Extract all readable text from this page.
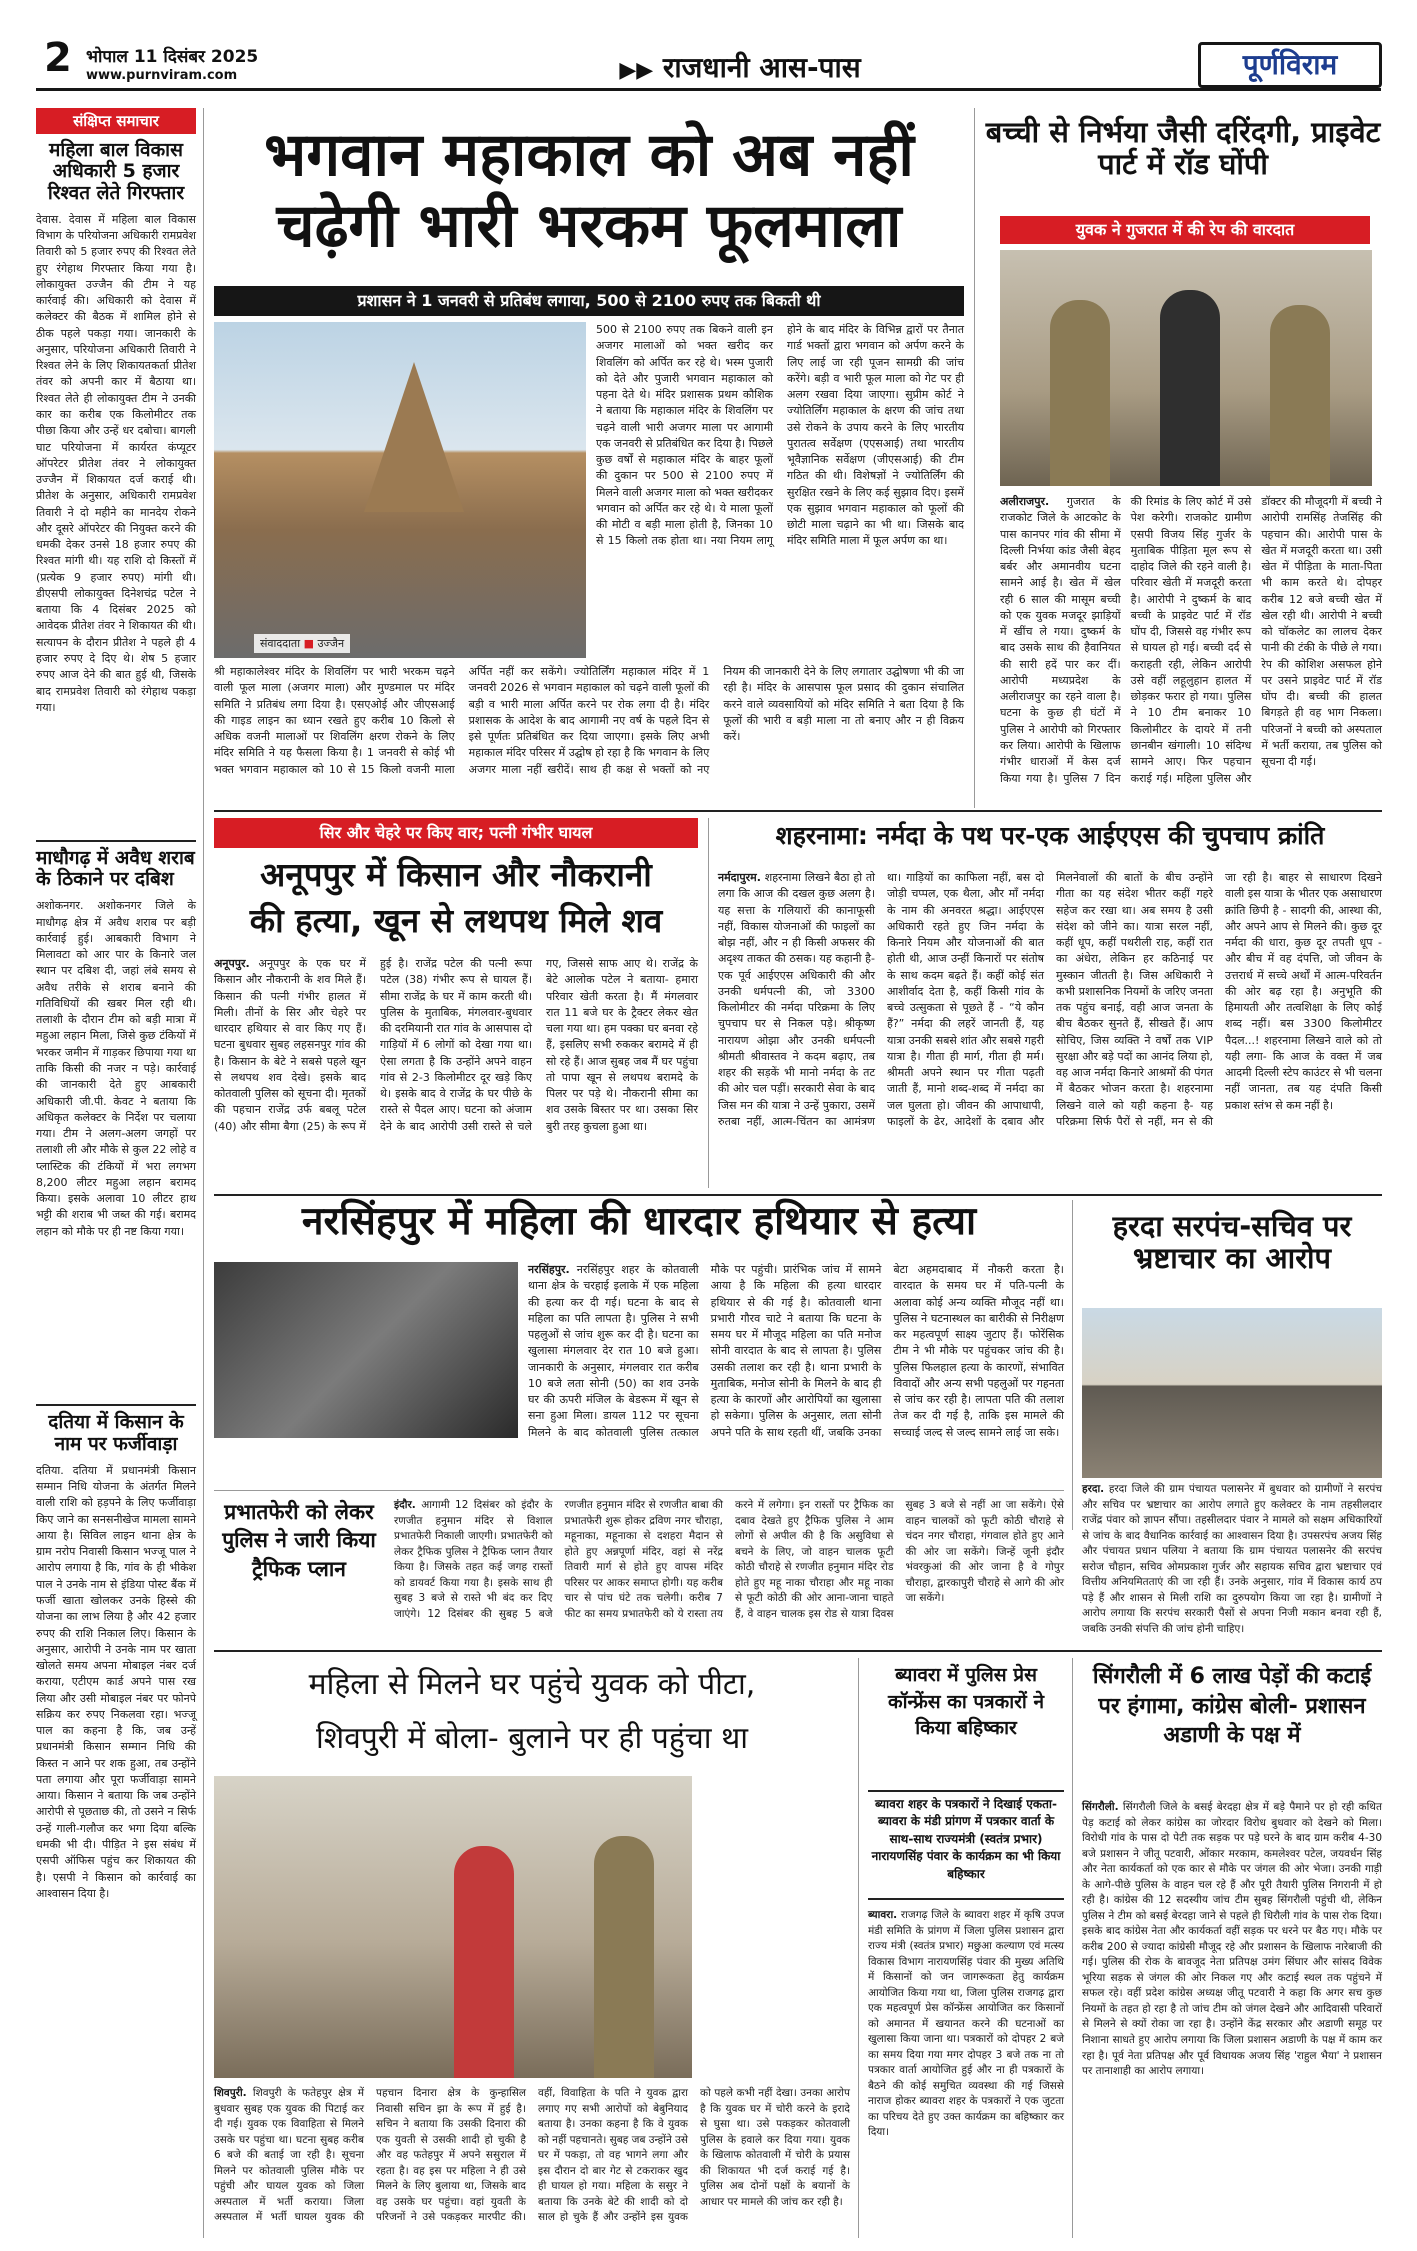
2 भोपाल 11 दिसंबर 2025
www.purnviram.com	▶▶ राजधानी आस-पास	पूर्णविराम
संक्षिप्त समाचार
महिला बाल विकास अधिकारी 5 हजार रिश्वत लेते गिरफ्तार
देवास. देवास में महिला बाल विकास विभाग के परियोजना अधिकारी रामप्रवेश तिवारी को 5 हजार रुपए की रिश्वत लेते हुए रंगेहाथ गिरफ्तार किया गया है। लोकायुक्त उज्जैन की टीम ने यह कार्रवाई की। अधिकारी को देवास में कलेक्टर की बैठक में शामिल होने से ठीक पहले पकड़ा गया। जानकारी के अनुसार, परियोजना अधिकारी तिवारी ने रिश्वत लेने के लिए शिकायतकर्ता प्रीतेश तंवर को अपनी कार में बैठाया था। रिश्वत लेते ही लोकायुक्त टीम ने उनकी कार का करीब एक किलोमीटर तक पीछा किया और उन्हें धर दबोचा। बागली घाट परियोजना में कार्यरत कंप्यूटर ऑपरेटर प्रीतेश तंवर ने लोकायुक्त उज्जैन में शिकायत दर्ज कराई थी। प्रीतेश के अनुसार, अधिकारी रामप्रवेश तिवारी ने दो महीने का मानदेय रोकने और दूसरे ऑपरेटर की नियुक्त करने की धमकी देकर उनसे 18 हजार रुपए की रिश्वत मांगी थी। यह राशि दो किस्तों में (प्रत्येक 9 हजार रुपए) मांगी थी। डीएसपी लोकायुक्त दिनेशचंद्र पटेल ने बताया कि 4 दिसंबर 2025 को आवेदक प्रीतेश तंवर ने शिकायत की थी। सत्यापन के दौरान प्रीतेश ने पहले ही 4 हजार रुपए दे दिए थे। शेष 5 हजार रुपए आज देने की बात हुई थी, जिसके बाद रामप्रवेश तिवारी को रंगेहाथ पकड़ा गया।
माधौगढ़ में अवैध शराब के ठिकाने पर दबिश
अशोकनगर. अशोकनगर जिले के माधौगढ़ क्षेत्र में अवैध शराब पर बड़ी कार्रवाई हुई। आबकारी विभाग ने मिलावटा को आर पार के किनारे जल स्थान पर दबिश दी, जहां लंबे समय से अवैध तरीके से शराब बनाने की गतिविधियों की खबर मिल रही थी। तलाशी के दौरान टीम को बड़ी मात्रा में महुआ लहान मिला, जिसे कुछ टंकियों में भरकर जमीन में गाड़कर छिपाया गया था ताकि किसी की नजर न पड़े। कार्रवाई की जानकारी देते हुए आबकारी अधिकारी जी.पी. केवट ने बताया कि अधिकृत कलेक्टर के निर्देश पर चलाया गया। टीम ने अलग-अलग जगहों पर तलाशी ली और मौके से कुल 22 लोहे व प्लास्टिक की टंकियों में भरा लगभग 8,200 लीटर महुआ लहान बरामद किया। इसके अलावा 10 लीटर हाथ भट्टी की शराब भी जब्त की गई। बरामद लहान को मौके पर ही नष्ट किया गया।
दतिया में किसान के नाम पर फर्जीवाड़ा
दतिया. दतिया में प्रधानमंत्री किसान सम्मान निधि योजना के अंतर्गत मिलने वाली राशि को हड़पने के लिए फर्जीवाड़ा किए जाने का सनसनीखेज मामला सामने आया है। सिविल लाइन थाना क्षेत्र के ग्राम नरोप निवासी किसान भज्जू पाल ने आरोप लगाया है कि, गांव के ही भीकेश पाल ने उनके नाम से इंडिया पोस्ट बैंक में फर्जी खाता खोलकर उनके हिस्से की योजना का लाभ लिया है और 42 हजार रुपए की राशि निकाल लिए। किसान के अनुसार, आरोपी ने उनके नाम पर खाता खोलते समय अपना मोबाइल नंबर दर्ज कराया, एटीएम कार्ड अपने पास रख लिया और उसी मोबाइल नंबर पर फोनपे सक्रिय कर रुपए निकलवा रहा। भज्जू पाल का कहना है कि, जब उन्हें प्रधानमंत्री किसान सम्मान निधि की किस्त न आने पर शक हुआ, तब उन्होंने पता लगाया और पूरा फर्जीवाड़ा सामने आया। किसान ने बताया कि जब उन्होंने आरोपी से पूछताछ की, तो उसने न सिर्फ उन्हें गाली-गलौज कर भगा दिया बल्कि धमकी भी दी। पीड़ित ने इस संबंध में एसपी ऑफिस पहुंच कर शिकायत की है। एसपी ने किसान को कार्रवाई का आश्वासन दिया है।
भगवान महाकाल को अब नहीं
चढ़ेगी भारी भरकम फूलमाला
प्रशासन ने 1 जनवरी से प्रतिबंध लगाया, 500 से 2100 रुपए तक बिकती थी
संवाददाता ■ उज्जैन
500 से 2100 रुपए तक बिकने वाली इन अजगर मालाओं को भक्त खरीद कर शिवलिंग को अर्पित कर रहे थे। भस्म पुजारी को देते और पुजारी भगवान महाकाल को पहना देते थे। मंदिर प्रशासक प्रथम कौशिक ने बताया कि महाकाल मंदिर के शिवलिंग पर चढ़ने वाली भारी अजगर माला पर आगामी एक जनवरी से प्रतिबंधित कर दिया है। पिछले कुछ वर्षों से महाकाल मंदिर के बाहर फूलों की दुकान पर 500 से 2100 रुपए में मिलने वाली अजगर माला को भक्त खरीदकर भगवान को अर्पित कर रहे थे। ये माला फूलों की मोटी व बड़ी माला होती है, जिनका 10 से 15 किलो तक होता था। नया नियम लागू होने के बाद मंदिर के विभिन्न द्वारों पर तैनात गार्ड भक्तों द्वारा भगवान को अर्पण करने के लिए लाई जा रही पूजन सामग्री की जांच करेंगे। बड़ी व भारी फूल माला को गेट पर ही अलग रखवा दिया जाएगा। सुप्रीम कोर्ट ने ज्योतिर्लिंग महाकाल के क्षरण की जांच तथा उसे रोकने के उपाय करने के लिए भारतीय पुरातत्व सर्वेक्षण (एएसआई) तथा भारतीय भूवैज्ञानिक सर्वेक्षण (जीएसआई) की टीम गठित की थी। विशेषज्ञों ने ज्योतिर्लिंग की सुरक्षित रखने के लिए कई सुझाव दिए। इसमें एक सुझाव भगवान महाकाल को फूलों की छोटी माला चढ़ाने का भी था। जिसके बाद मंदिर समिति माला में फूल अर्पण का था।
श्री महाकालेश्वर मंदिर के शिवलिंग पर भारी भरकम चढ़ने वाली फूल माला (अजगर माला) और मुण्डमाल पर मंदिर समिति ने प्रतिबंध लगा दिया है। एसएओई और जीएसआई की गाइड लाइन का ध्यान रखते हुए करीब 10 किलो से अधिक वजनी मालाओं पर शिवलिंग क्षरण रोकने के लिए मंदिर समिति ने यह फैसला किया है। 1 जनवरी से कोई भी भक्त भगवान महाकाल को 10 से 15 किलो वजनी माला अर्पित नहीं कर सकेंगे। ज्योतिर्लिंग महाकाल मंदिर में 1 जनवरी 2026 से भगवान महाकाल को चढ़ने वाली फूलों की बड़ी व भारी माला अर्पित करने पर रोक लगा दी है। मंदिर प्रशासक के आदेश के बाद आगामी नए वर्ष के पहले दिन से इसे पूर्णतः प्रतिबंधित कर दिया जाएगा। इसके लिए अभी महाकाल मंदिर परिसर में उद्घोष हो रहा है कि भगवान के लिए अजगर माला नहीं खरीदें। साथ ही कक्ष से भक्तों को नए नियम की जानकारी देने के लिए लगातार उद्घोषणा भी की जा रही है। मंदिर के आसपास फूल प्रसाद की दुकान संचालित करने वाले व्यवसायियों को मंदिर समिति ने बता दिया है कि फूलों की भारी व बड़ी माला ना तो बनाए और न ही विक्रय करें।
बच्ची से निर्भया जैसी दरिंदगी, प्राइवेट पार्ट में रॉड घोंपी
युवक ने गुजरात में की रेप की वारदात
अलीराजपुर. गुजरात के राजकोट जिले के आटकोट के पास कानपर गांव की सीमा में दिल्ली निर्भया कांड जैसी बेहद बर्बर और अमानवीय घटना सामने आई है। खेत में खेल रही 6 साल की मासूम बच्ची को एक युवक मजदूर झाड़ियों में खींच ले गया। दुष्कर्म के बाद उसके साथ की हैवानियत की सारी हदें पार कर दीं। आरोपी मध्यप्रदेश के अलीराजपुर का रहने वाला है। घटना के कुछ ही घंटों में पुलिस ने आरोपी को गिरफ्तार कर लिया। आरोपी के खिलाफ गंभीर धाराओं में केस दर्ज किया गया है। पुलिस 7 दिन की रिमांड के लिए कोर्ट में उसे पेश करेगी। राजकोट ग्रामीण एसपी विजय सिंह गुर्जर के मुताबिक पीड़िता मूल रूप से दाहोद जिले की रहने वाली है। परिवार खेती में मजदूरी करता है। आरोपी ने दुष्कर्म के बाद बच्ची के प्राइवेट पार्ट में रॉड घोंप दी, जिससे वह गंभीर रूप से घायल हो गई। बच्ची दर्द से कराहती रही, लेकिन आरोपी उसे वहीं लहूलुहान हालत में छोड़कर फरार हो गया। पुलिस ने 10 टीम बनाकर 10 किलोमीटर के दायरे में तनी छानबीन खंगाली। 10 संदिग्ध सामने आए। फिर पहचान कराई गई। महिला पुलिस और डॉक्टर की मौजूदगी में बच्ची ने आरोपी रामसिंह तेजसिंह की पहचान की। आरोपी पास के खेत में मजदूरी करता था। उसी खेत में पीड़िता के माता-पिता भी काम करते थे। दोपहर करीब 12 बजे बच्ची खेत में खेल रही थी। आरोपी ने बच्ची को चॉकलेट का लालच देकर पानी की टंकी के पीछे ले गया। रेप की कोशिश असफल होने पर उसने प्राइवेट पार्ट में रॉड घोंप दी। बच्ची की हालत बिगड़ते ही वह भाग निकला। परिजनों ने बच्ची को अस्पताल में भर्ती कराया, तब पुलिस को सूचना दी गई।
सिर और चेहरे पर किए वार; पत्नी गंभीर घायल
अनूपपुर में किसान और नौकरानी
की हत्या, खून से लथपथ मिले शव
अनूपपुर. अनूपपुर के एक घर में किसान और नौकरानी के शव मिले हैं। किसान की पत्नी गंभीर हालत में मिली। तीनों के सिर और चेहरे पर धारदार हथियार से वार किए गए हैं। घटना बुधवार सुबह लहसनपुर गांव की है। किसान के बेटे ने सबसे पहले खून से लथपथ शव देखे। इसके बाद कोतवाली पुलिस को सूचना दी। मृतकों की पहचान राजेंद्र उर्फ बबलू पटेल (40) और सीमा बैगा (25) के रूप में हुई है। राजेंद्र पटेल की पत्नी रूपा पटेल (38) गंभीर रूप से घायल हैं। सीमा राजेंद्र के घर में काम करती थी। पुलिस के मुताबिक, मंगलवार-बुधवार की दरमियानी रात गांव के आसपास दो गाड़ियों में 6 लोगों को देखा गया था। ऐसा लगता है कि उन्होंने अपने वाहन गांव से 2-3 किलोमीटर दूर खड़े किए थे। इसके बाद वे राजेंद्र के घर पीछे के रास्ते से पैदल आए। घटना को अंजाम देने के बाद आरोपी उसी रास्ते से चले गए, जिससे साफ आए थे। राजेंद्र के बेटे आलोक पटेल ने बताया- हमारा परिवार खेती करता है। मैं मंगलवार रात 11 बजे घर के ट्रैक्टर लेकर खेत चला गया था। हम पक्का घर बनवा रहे हैं, इसलिए सभी रुककर बरामदे में ही सो रहे हैं। आज सुबह जब मैं घर पहुंचा तो पापा खून से लथपथ बरामदे के पिलर पर पड़े थे। नौकरानी सीमा का शव उसके बिस्तर पर था। उसका सिर बुरी तरह कुचला हुआ था।
शहरनामा: नर्मदा के पथ पर-एक आईएएस की चुपचाप क्रांति
नर्मदापुरम. शहरनामा लिखने बैठा हो तो लगा कि आज की दखल कुछ अलग है। यह सत्ता के गलियारों की कानाफूसी नहीं, विकास योजनाओं की फाइलों का बोझ नहीं, और न ही किसी अफसर की अदृश्य ताकत की ठसक। यह कहानी है-एक पूर्व आईएएस अधिकारी की और उनकी धर्मपत्नी की, जो 3300 किलोमीटर की नर्मदा परिक्रमा के लिए चुपचाप घर से निकल पड़े। श्रीकृष्ण नारायण ओझा और उनकी धर्मपत्नी श्रीमती श्रीवास्तव ने कदम बढ़ाए, तब शहर की सड़कें भी मानो नर्मदा के तट की ओर चल पड़ीं। सरकारी सेवा के बाद जिस मन की यात्रा ने उन्हें पुकारा, उसमें रुतबा नहीं, आत्म-चिंतन का आमंत्रण था। गाड़ियों का काफिला नहीं, बस दो जोड़ी चप्पल, एक थैला, और माँ नर्मदा के नाम की अनवरत श्रद्धा। आईएएस अधिकारी रहते हुए जिन नर्मदा के किनारे नियम और योजनाओं की बात होती थी, आज उन्हीं किनारों पर संतोष के साथ कदम बढ़ते हैं। कहीं कोई संत आशीर्वाद देता है, कहीं किसी गांव के बच्चे उत्सुकता से पूछते हैं - “ये कौन हैं?” नर्मदा की लहरें जानती हैं, यह यात्रा उनकी सबसे शांत और सबसे गहरी यात्रा है। गीता ही मार्ग, गीता ही मर्म। श्रीमती अपने स्थान पर गीता पढ़ती जाती हैं, मानो शब्द-शब्द में नर्मदा का जल घुलता हो। जीवन की आपाधापी, फाइलों के ढेर, आदेशों के दबाव और मिलनेवालों की बातों के बीच उन्होंने गीता का यह संदेश भीतर कहीं गहरे सहेज कर रखा था। अब समय है उसी संदेश को जीने का। यात्रा सरल नहीं, कहीं धूप, कहीं पथरीली राह, कहीं रात का अंधेरा, लेकिन हर कठिनाई पर मुस्कान जीतती है। जिस अधिकारी ने कभी प्रशासनिक नियमों के जरिए जनता तक पहुंच बनाई, वही आज जनता के बीच बैठकर सुनते हैं, सीखते हैं। आप सोचिए, जिस व्यक्ति ने वर्षों तक VIP सुरक्षा और बड़े पदों का आनंद लिया हो, वह आज नर्मदा किनारे आश्रमों की पंगत में बैठकर भोजन करता है। शहरनामा लिखने वाले को यही कहना है- यह परिक्रमा सिर्फ पैरों से नहीं, मन से की जा रही है। बाहर से साधारण दिखने वाली इस यात्रा के भीतर एक असाधारण क्रांति छिपी है - सादगी की, आस्था की, और अपने आप से मिलने की। कुछ दूर नर्मदा की धारा, कुछ दूर तपती धूप - और बीच में वह दंपत्ति, जो जीवन के उत्तरार्ध में सच्चे अर्थों में आत्म-परिवर्तन की ओर बढ़ रहा है। अनुभूति की हिमायती और तत्वशिक्षा के लिए कोई शब्द नहीं। बस 3300 किलोमीटर पैदल...! शहरनामा लिखने वाले को तो यही लगा- कि आज के वक्त में जब आदमी दिल्ली स्टेप काउंटर से भी चलना नहीं जानता, तब यह दंपति किसी प्रकाश स्तंभ से कम नहीं है।
नरसिंहपुर में महिला की धारदार हथियार से हत्या
नरसिंहपुर. नरसिंहपुर शहर के कोतवाली थाना क्षेत्र के चरहाई इलाके में एक महिला की हत्या कर दी गई। घटना के बाद से महिला का पति लापता है। पुलिस ने सभी पहलुओं से जांच शुरू कर दी है। घटना का खुलासा मंगलवार देर रात 10 बजे हुआ। जानकारी के अनुसार, मंगलवार रात करीब 10 बजे लता सोनी (50) का शव उनके घर की ऊपरी मंजिल के बेडरूम में खून से सना हुआ मिला। डायल 112 पर सूचना मिलने के बाद कोतवाली पुलिस तत्काल मौके पर पहुंची। प्रारंभिक जांच में सामने आया है कि महिला की हत्या धारदार हथियार से की गई है। कोतवाली थाना प्रभारी गौरव चाटे ने बताया कि घटना के समय घर में मौजूद महिला का पति मनोज सोनी वारदात के बाद से लापता है। पुलिस उसकी तलाश कर रही है। थाना प्रभारी के मुताबिक, मनोज सोनी के मिलने के बाद ही हत्या के कारणों और आरोपियों का खुलासा हो सकेगा। पुलिस के अनुसार, लता सोनी अपने पति के साथ रहती थीं, जबकि उनका बेटा अहमदाबाद में नौकरी करता है। वारदात के समय घर में पति-पत्नी के अलावा कोई अन्य व्यक्ति मौजूद नहीं था। पुलिस ने घटनास्थल का बारीकी से निरीक्षण कर महत्वपूर्ण साक्ष्य जुटाए हैं। फोरेंसिक टीम ने भी मौके पर पहुंचकर जांच की है। पुलिस फिलहाल हत्या के कारणों, संभावित विवादों और अन्य सभी पहलुओं पर गहनता से जांच कर रही है। लापता पति की तलाश तेज कर दी गई है, ताकि इस मामले की सच्चाई जल्द से जल्द सामने लाई जा सके।

हरदा सरपंच-सचिव पर भ्रष्टाचार का आरोप
हरदा. हरदा जिले की ग्राम पंचायत पलासनेर में बुधवार को ग्रामीणों ने सरपंच और सचिव पर भ्रष्टाचार का आरोप लगाते हुए कलेक्टर के नाम तहसीलदार राजेंद्र पंवार को ज्ञापन सौंपा। तहसीलदार पंवार ने मामले को सक्षम अधिकारियों से जांच के बाद वैधानिक कार्रवाई का आश्वासन दिया है। उपसरपंच अजय सिंह और पंचायत प्रधान पलिया ने बताया कि ग्राम पंचायत पलासनेर की सरपंच सरोज चौहान, सचिव ओमप्रकाश गुर्जर और सहायक सचिव द्वारा भ्रष्टाचार एवं वित्तीय अनियमितताएं की जा रही हैं। उनके अनुसार, गांव में विकास कार्य ठप पड़े हैं और शासन से मिली राशि का दुरुपयोग किया जा रहा है। ग्रामीणों ने आरोप लगाया कि सरपंच सरकारी पैसों से अपना निजी मकान बनवा रही हैं, जबकि उनकी संपत्ति की जांच होनी चाहिए।
प्रभातफेरी को लेकर पुलिस ने जारी किया ट्रैफिक प्लान
इंदौर. आगामी 12 दिसंबर को इंदौर के रणजीत हनुमान मंदिर से विशाल प्रभातफेरी निकाली जाएगी। प्रभातफेरी को लेकर ट्रैफिक पुलिस ने ट्रैफिक प्लान तैयार किया है। जिसके तहत कई जगह रास्तों को डायवर्ट किया गया है। इसके साथ ही सुबह 3 बजे से रास्ते भी बंद कर दिए जाएंगे। 12 दिसंबर की सुबह 5 बजे रणजीत हनुमान मंदिर से रणजीत बाबा की प्रभातफेरी शुरू होकर द्रविण नगर चौराहा, महूनाका, महूनाका से दशहरा मैदान से होते हुए अन्नपूर्णा मंदिर, वहां से नरेंद्र तिवारी मार्ग से होते हुए वापस मंदिर परिसर पर आकर समाप्त होगी। यह करीब चार से पांच घंटे तक चलेगी। करीब 7 फीट का समय प्रभातफेरी को ये रास्ता तय करने में लगेगा। इन रास्तों पर ट्रैफिक का दबाव देखते हुए ट्रैफिक पुलिस ने आम लोगों से अपील की है कि असुविधा से बचने के लिए, जो वाहन चालक फूटी कोठी चौराहे से रणजीत हनुमान मंदिर रोड होते हुए महू नाका चौराहा और महू नाका से फूटी कोठी की ओर आना-जाना चाहते हैं, वे वाहन चालक इस रोड से यात्रा दिवस सुबह 3 बजे से नहीं आ जा सकेंगे। ऐसे वाहन चालकों को फूटी कोठी चौराहे से चंदन नगर चौराहा, गंगवाल होते हुए आने की ओर जा सकेंगे। जिन्हें जूनी इंदौर भंवरकुआं की ओर जाना है वे गोपुर चौराहा, द्वारकापुरी चौराहे से आगे की ओर जा सकेंगे।
महिला से मिलने घर पहुंचे युवक को पीटा,
शिवपुरी में बोला- बुलाने पर ही पहुंचा था
शिवपुरी. शिवपुरी के फतेहपुर क्षेत्र में बुधवार सुबह एक युवक की पिटाई कर दी गई। युवक एक विवाहिता से मिलने उसके घर पहुंचा था। घटना सुबह करीब 6 बजे की बताई जा रही है। सूचना मिलने पर कोतवाली पुलिस मौके पर पहुंची और घायल युवक को जिला अस्पताल में भर्ती कराया। जिला अस्पताल में भर्ती घायल युवक की पहचान दिनारा क्षेत्र के कुन्हासिल निवासी सचिन झा के रूप में हुई है। सचिन ने बताया कि उसकी दिनारा की एक युवती से उसकी शादी हो चुकी है और वह फतेहपुर में अपने ससुराल में रहता है। वह इस पर महिला ने ही उसे मिलने के लिए बुलाया था, जिसके बाद वह उसके घर पहुंचा। वहां युवती के परिजनों ने उसे पकड़कर मारपीट की। वहीं, विवाहिता के पति ने युवक द्वारा लगाए गए सभी आरोपों को बेबुनियाद बताया है। उनका कहना है कि वे युवक को नहीं पहचानते। सुबह जब उन्होंने उसे घर में पकड़ा, तो वह भागने लगा और इस दौरान दो बार गेट से टकराकर खुद ही घायल हो गया। महिला के ससुर ने बताया कि उनके बेटे की शादी को दो साल हो चुके हैं और उन्होंने इस युवक को पहले कभी नहीं देखा। उनका आरोप है कि युवक घर में चोरी करने के इरादे से घुसा था। उसे पकड़कर कोतवाली पुलिस के हवाले कर दिया गया। युवक के खिलाफ कोतवाली में चोरी के प्रयास की शिकायत भी दर्ज कराई गई है। पुलिस अब दोनों पक्षों के बयानों के आधार पर मामले की जांच कर रही है।

ब्यावरा में पुलिस प्रेस कॉन्फ्रेंस का पत्रकारों ने किया बहिष्कार
ब्यावरा शहर के पत्रकारों ने दिखाई एकता-ब्यावरा के मंडी प्रांगण में पत्रकार वार्ता के साथ-साथ राज्यमंत्री (स्वतंत्र प्रभार) नारायणसिंह पंवार के कार्यक्रम का भी किया बहिष्कार
ब्यावरा. राजगढ़ जिले के ब्यावरा शहर में कृषि उपज मंडी समिति के प्रांगण में जिला पुलिस प्रशासन द्वारा राज्य मंत्री (स्वतंत्र प्रभार) मछुआ कल्याण एवं मत्स्य विकास विभाग नारायणसिंह पंवार की मुख्य अतिथि में किसानों को जन जागरूकता हेतु कार्यक्रम आयोजित किया गया था, जिला पुलिस राजगढ़ द्वारा एक महत्वपूर्ण प्रेस कॉन्फ्रेंस आयोजित कर किसानों को अमानत में खयानत करने की घटनाओं का खुलासा किया जाना था। पत्रकारों को दोपहर 2 बजे का समय दिया गया मगर दोपहर 3 बजे तक ना तो पत्रकार वार्ता आयोजित हुई और ना ही पत्रकारों के बैठने की कोई समुचित व्यवस्था की गई जिससे नाराज होकर ब्यावरा शहर के पत्रकारों ने एक जुटता का परिचय देते हुए उक्त कार्यक्रम का बहिष्कार कर दिया।
सिंगरौली में 6 लाख पेड़ों की कटाई पर हंगामा, कांग्रेस बोली- प्रशासन अडाणी के पक्ष में
सिंगरौली. सिंगरौली जिले के बसई बेरदहा क्षेत्र में बड़े पैमाने पर हो रही कथित पेड़ कटाई को लेकर कांग्रेस का जोरदार विरोध बुधवार को देखने को मिला। विरोधी गांव के पास दो पेटी तक सड़क पर पड़े घरने के बाद ग्राम करीब 4-30 बजे प्रशासन ने जीतू पटवारी, ओंकार मरकाम, कमलेश्वर पटेल, जयवर्धन सिंह और नेता कार्यकर्ता को एक कार से मौके पर जंगल की ओर भेजा। उनकी गाड़ी के आगे-पीछे पुलिस के वाहन चल रहे हैं और पूरी तैयारी पुलिस निगरानी में हो रही है। कांग्रेस की 12 सदस्यीय जांच टीम सुबह सिंगरौली पहुंची थी, लेकिन पुलिस ने टीम को बसई बेरदहा जाने से पहले ही धिरौली गांव के पास रोक दिया। इसके बाद कांग्रेस नेता और कार्यकर्ता वहीं सड़क पर धरने पर बैठ गए। मौके पर करीब 200 से ज्यादा कांग्रेसी मौजूद रहे और प्रशासन के खिलाफ नारेबाजी की गई। पुलिस की रोक के बावजूद नेता प्रतिपक्ष उमंग सिंघार और सांसद विवेक भूरिया सड़क से जंगल की ओर निकल गए और कटाई स्थल तक पहुंचने में सफल रहे। वहीं प्रदेश कांग्रेस अध्यक्ष जीतू पटवारी ने कहा कि अगर सच कुछ नियमों के तहत हो रहा है तो जांच टीम को जंगल देखने और आदिवासी परिवारों से मिलने से क्यों रोका जा रहा है। उन्होंने केंद्र सरकार और अडाणी समूह पर निशाना साधते हुए आरोप लगाया कि जिला प्रशासन अडाणी के पक्ष में काम कर रहा है। पूर्व नेता प्रतिपक्ष और पूर्व विधायक अजय सिंह 'राहुल भैया' ने प्रशासन पर तानाशाही का आरोप लगाया।
